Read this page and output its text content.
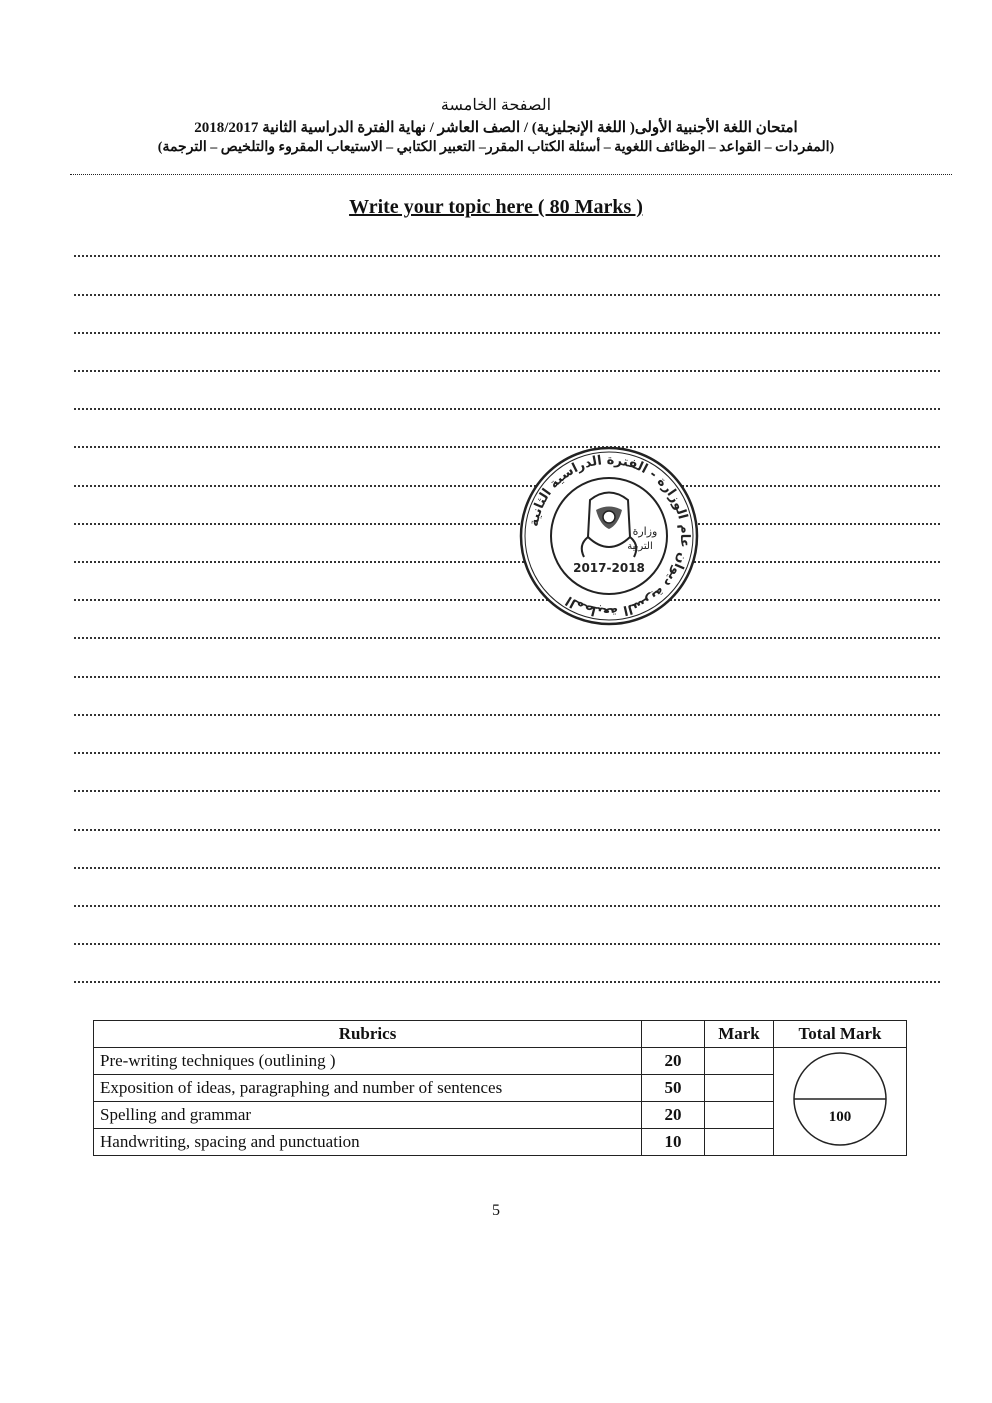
الصفحة الخامسة
امتحان اللغة الأجنبية الأولى( اللغة الإنجليزية) / الصف العاشر / نهاية الفترة الدراسية الثانية 2018/2017
(المفردات – القواعد – الوظائف اللغوية – أسئلة الكتاب المقرر– التعبير الكتابي – الاستيعاب المقروء والتلخيص – الترجمة)
Write your topic here ( 80 Marks )
المطبعة السرية ديوان عام الوزارة - الفترة الدراسية الثانية
وزارة
التربية
2017-2018
Rubrics		Mark	Total Mark
Pre-writing techniques (outlining )	20		100

Exposition of ideas, paragraphing and number of sentences	50		
Spelling and grammar	20		
Handwriting, spacing and punctuation	10		
5
